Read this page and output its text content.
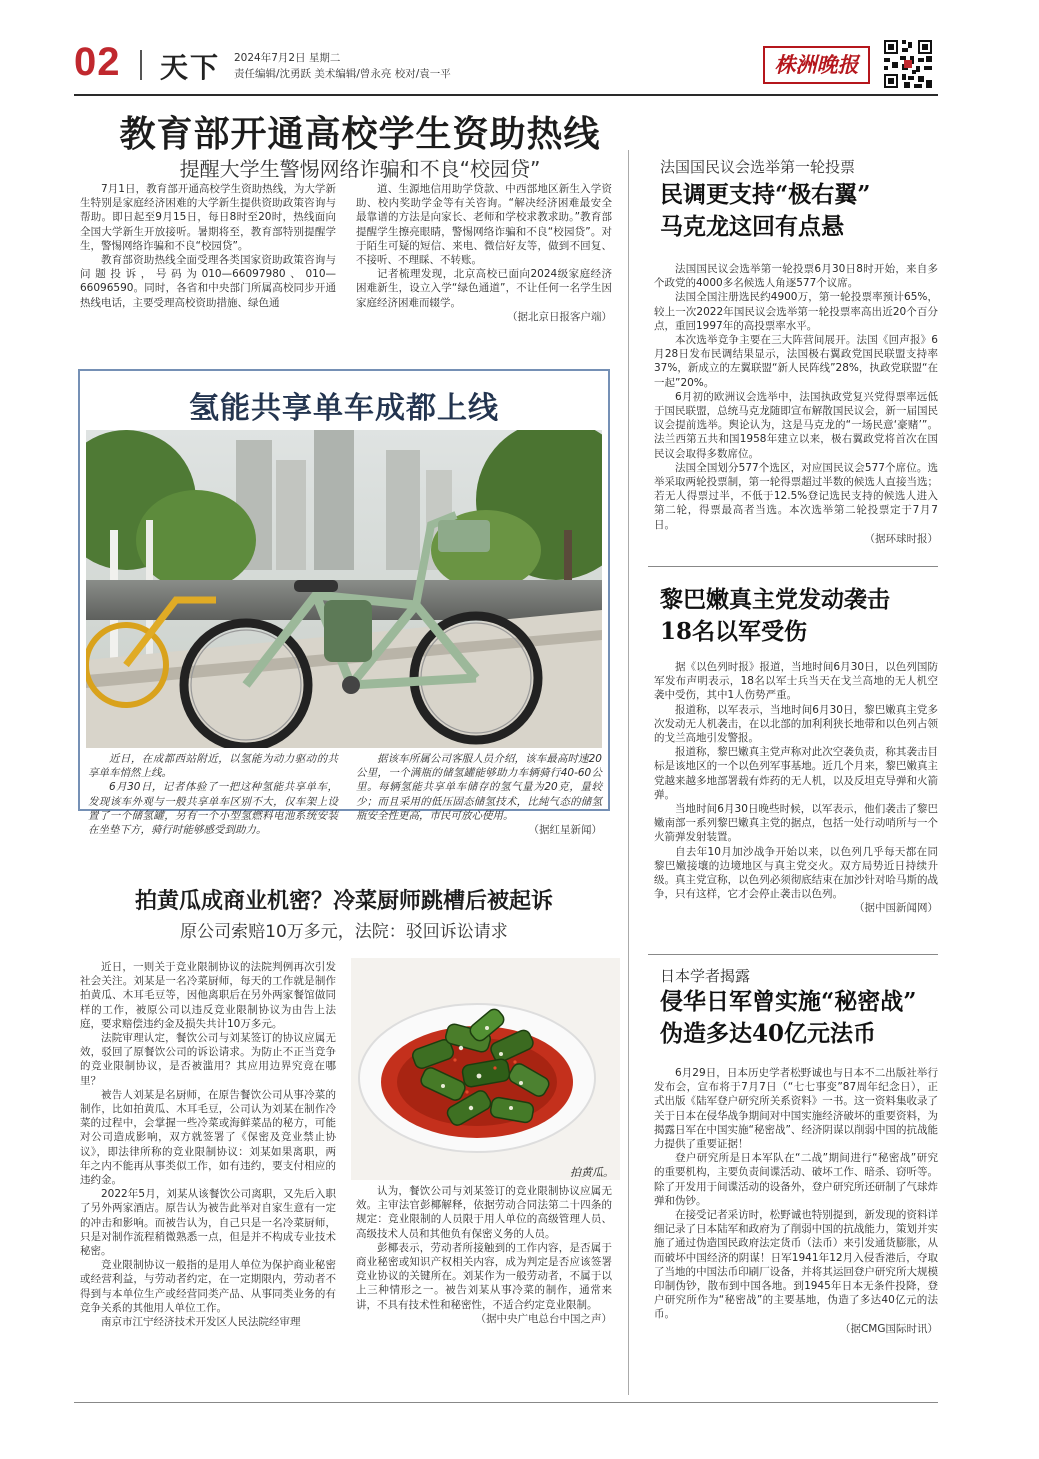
02 天下 2024年7月2日 星期二
责任编辑/沈勇跃 美术编辑/曾永亮 校对/袁一平	株洲晚报
教育部开通高校学生资助热线
提醒大学生警惕网络诈骗和不良“校园贷”

7月1日，教育部开通高校学生资助热线，为大学新生特别是家庭经济困难的大学新生提供资助政策咨询与帮助。即日起至9月15日，每日8时至20时，热线面向全国大学新生开放接听。暑期将至，教育部特别提醒学生，警惕网络诈骗和不良“校园贷”。

教育部资助热线全面受理各类国家资助政策咨询与问题投诉，号码为010—66097980、010—66096590。同时，各省和中央部门所属高校同步开通热线电话，主要受理高校资助措施、绿色通

道、生源地信用助学贷款、中西部地区新生入学资助、校内奖助学金等有关咨询。“解决经济困难最安全最靠谱的方法是向家长、老师和学校求教求助。”教育部提醒学生擦亮眼睛，警惕网络诈骗和不良“校园贷”。对于陌生可疑的短信、来电、微信好友等，做到不回复、不接听、不理睬、不转账。

记者梳理发现，北京高校已面向2024级家庭经济困难新生，设立入学“绿色通道”，不让任何一名学生因家庭经济困难而辍学。

（据北京日报客户端）
氢能共享单车成都上线

近日，在成都西站附近，以氢能为动力驱动的共享单车悄然上线。

6月30日，记者体验了一把这种氢能共享单车，发现该车外观与一般共享单车区别不大，仅车架上设置了一个储氢罐，另有一个小型氢燃料电池系统安装在坐垫下方，骑行时能够感受到助力。

据该车所属公司客服人员介绍，该车最高时速20公里，一个满瓶的储氢罐能够助力车辆骑行40-60公里。每辆氢能共享单车储存的氢气量为20克，量较少；而且采用的低压固态储氢技术，比純气态的储氢瓶安全性更高，市民可放心使用。

（据红星新闻）
拍黄瓜成商业机密？冷菜厨师跳槽后被起诉
原公司索赔10万多元，法院：驳回诉讼请求

近日，一则关于竞业限制协议的法院判例再次引发社会关注。刘某是一名冷菜厨师，每天的工作就是制作拍黄瓜、木耳毛豆等，因他离职后在另外两家餐馆做同样的工作，被原公司以违反竞业限制协议为由告上法庭，要求赔偿违约金及损失共计10万多元。

法院审理认定，餐饮公司与刘某签订的协议应属无效，驳回了原餐饮公司的诉讼请求。为防止不正当竞争的竞业限制协议，是否被滥用？其应用边界究竟在哪里？

被告人刘某是名厨师，在原告餐饮公司从事冷菜的制作，比如拍黄瓜、木耳毛豆，公司认为刘某在制作冷菜的过程中，会掌握一些冷菜或海鲜菜品的秘方，可能对公司造成影响，双方就签署了《保密及竞业禁止协议》，即法律所称的竞业限制协议：刘某如果离职，两年之内不能再从事类似工作，如有违约，要支付相应的违约金。

2022年5月，刘某从该餐饮公司离职，又先后入职了另外两家酒店。原告认为被告此举对自家生意有一定的冲击和影响。而被告认为，自己只是一名冷菜厨师，只是对制作流程稍微熟悉一点，但是并不构成专业技术秘密。

竞业限制协议一般指的是用人单位为保护商业秘密或经营利益，与劳动者约定，在一定期限内，劳动者不得到与本单位生产或经营同类产品、从事同类业务的有竞争关系的其他用人单位工作。

南京市江宁经济技术开发区人民法院经审理

拍黄瓜。

认为，餐饮公司与刘某签订的竞业限制协议应属无效。主审法官彭椰解释，依据劳动合同法第二十四条的规定：竞业限制的人员限于用人单位的高级管理人员、高级技术人员和其他负有保密义务的人员。

彭椰表示，劳动者所接触到的工作内容，是否属于商业秘密或知识产权相关内容，成为判定是否应该签署竞业协议的关键所在。刘某作为一般劳动者，不属于以上三种情形之一。被告刘某从事冷菜的制作，通常来讲，不具有技术性和秘密性，不适合约定竞业限制。

（据中央广电总台中国之声）
法国国民议会选举第一轮投票
民调更支持“极右翼”
马克龙这回有点悬

法国国民议会选举第一轮投票6月30日8时开始，来自多个政党的4000多名候选人角逐577个议席。

法国全国注册选民约4900万，第一轮投票率预计65%，较上一次2022年国民议会选举第一轮投票率高出近20个百分点，重回1997年的高投票率水平。

本次选举竞争主要在三大阵营间展开。法国《回声报》6月28日发布民调结果显示，法国极右翼政党国民联盟支持率37%，新成立的左翼联盟“新人民阵线”28%，执政党联盟“在一起”20%。

6月初的欧洲议会选举中，法国执政党复兴党得票率远低于国民联盟，总统马克龙随即宣布解散国民议会，新一届国民议会提前选举。舆论认为，这是马克龙的“一场民意‘豪赌’”。法兰西第五共和国1958年建立以来，极右翼政党将首次在国民议会取得多数席位。

法国全国划分577个选区，对应国民议会577个席位。选举采取两轮投票制，第一轮得票超过半数的候选人直接当选；若无人得票过半，不低于12.5%登记选民支持的候选人进入第二轮，得票最高者当选。本次选举第二轮投票定于7月7日。

（据环球时报）
黎巴嫩真主党发动袭击
18名以军受伤

据《以色列时报》报道，当地时间6月30日，以色列国防军发布声明表示，18名以军士兵当天在戈兰高地的无人机空袭中受伤，其中1人伤势严重。

报道称，以军表示，当地时间6月30日，黎巴嫩真主党多次发动无人机袭击，在以北部的加利利狭长地带和以色列占领的戈兰高地引发警报。

报道称，黎巴嫩真主党声称对此次空袭负责，称其袭击目标是该地区的一个以色列军事基地。近几个月来，黎巴嫩真主党越来越多地部署载有炸药的无人机，以及反坦克导弹和火箭弹。

当地时间6月30日晚些时候，以军表示，他们袭击了黎巴嫩南部一系列黎巴嫩真主党的据点，包括一处行动哨所与一个火箭弹发射装置。

自去年10月加沙战争开始以来，以色列几乎每天都在同黎巴嫩接壤的边境地区与真主党交火。双方局势近日持续升级。真主党宣称，以色列必须彻底结束在加沙针对哈马斯的战争，只有这样，它才会停止袭击以色列。

（据中国新闻网）
日本学者揭露
侵华日军曾实施“秘密战”
伪造多达40亿元法币

6月29日，日本历史学者松野诚也与日本不二出版社举行发布会，宣布将于7月7日（“七七事变”87周年纪念日），正式出版《陆军登户研究所关系资料》一书。这一资料集收录了关于日本在侵华战争期间对中国实施经济破坏的重要资料，为揭露日军在中国实施“秘密战”、经济阴谋以削弱中国的抗战能力提供了重要证据！

登户研究所是日本军队在“二战”期间进行“秘密战”研究的重要机构，主要负责间谍活动、破坏工作、暗杀、窃听等。除了开发用于间谍活动的设备外，登户研究所还研制了气球炸弹和伪钞。

在接受记者采访时，松野诚也特别提到，新发现的资料详细记录了日本陆军和政府为了削弱中国的抗战能力，策划并实施了通过伪造国民政府法定货币（法币）来引发通货膨胀，从而破坏中国经济的阴谋！日军1941年12月入侵香港后，夺取了当地的中国法币印刷厂设备，并将其运回登户研究所大规模印制伪钞，散布到中国各地。到1945年日本无条件投降，登户研究所作为“秘密战”的主要基地，伪造了多达40亿元的法币。

（据CMG国际时讯）
